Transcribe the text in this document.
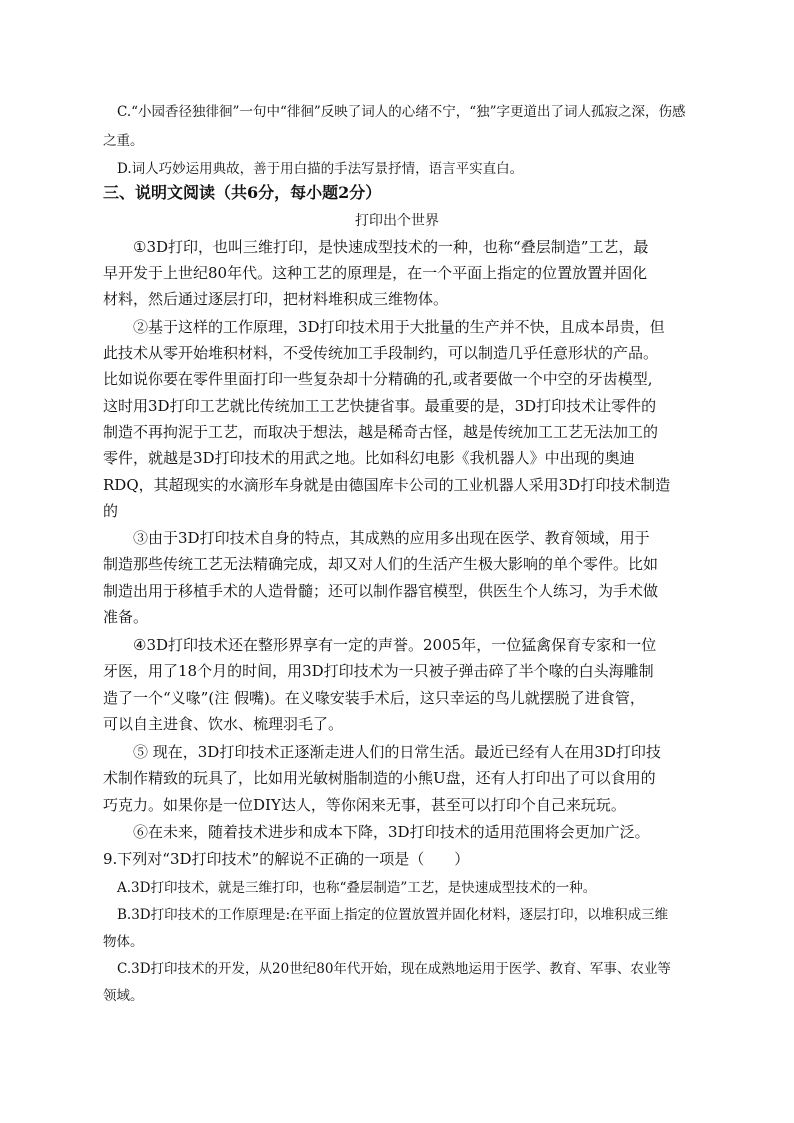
C.“小园香径独徘徊”一句中“徘徊”反映了词人的心绪不宁，“独”字更道出了词人孤寂之深，伤感
之重。
D.词人巧妙运用典故，善于用白描的手法写景抒情，语言平实直白。
三、说明文阅读（共6分，每小题2分）
打印出个世界
①3D打印，也叫三维打印，是快速成型技术的一种，也称“叠层制造”工艺，最
早开发于上世纪80年代。这种工艺的原理是，在一个平面上指定的位置放置并固化
材料，然后通过逐层打印，把材料堆积成三维物体。
②基于这样的工作原理，3D打印技术用于大批量的生产并不快，且成本昂贵，但
此技术从零开始堆积材料，不受传统加工手段制约，可以制造几乎任意形状的产品。
比如说你要在零件里面打印一些复杂却十分精确的孔,或者要做一个中空的牙齿模型,
这时用3D打印工艺就比传统加工工艺快捷省事。最重要的是，3D打印技术让零件的
制造不再拘泥于工艺，而取决于想法，越是稀奇古怪，越是传统加工工艺无法加工的
零件，就越是3D打印技术的用武之地。比如科幻电影《我机器人》中出现的奥迪
RDQ，其超现实的水滴形车身就是由德国库卡公司的工业机器人采用3D打印技术制造
的
③由于3D打印技术自身的特点，其成熟的应用多出现在医学、教育领域，用于
制造那些传统工艺无法精确完成，却又对人们的生活产生极大影响的单个零件。比如
制造出用于移植手术的人造骨髓；还可以制作器官模型，供医生个人练习，为手术做
准备。
④3D打印技术还在整形界享有一定的声誉。2005年，一位猛禽保育专家和一位
牙医，用了18个月的时间，用3D打印技术为一只被子弹击碎了半个喙的白头海雕制
造了一个“义喙”(注 假嘴)。在义喙安装手术后，这只幸运的鸟儿就摆脱了进食管，
可以自主进食、饮水、梳理羽毛了。
⑤ 现在，3D打印技术正逐渐走进人们的日常生活。最近已经有人在用3D打印技
术制作精致的玩具了，比如用光敏树脂制造的小熊U盘，还有人打印出了可以食用的
巧克力。如果你是一位DIY达人，等你闲来无事，甚至可以打印个自己来玩玩。
⑥在未来，随着技术进步和成本下降，3D打印技术的适用范围将会更加广泛。
9.下列对“3D打印技术”的解说不正确的一项是（　　）
A.3D打印技术，就是三维打印，也称“叠层制造”工艺，是快速成型技术的一种。
B.3D打印技术的工作原理是:在平面上指定的位置放置并固化材料，逐层打印，以堆积成三维
物体。
C.3D打印技术的开发，从20世纪80年代开始，现在成熟地运用于医学、教育、军事、农业等
领域。
